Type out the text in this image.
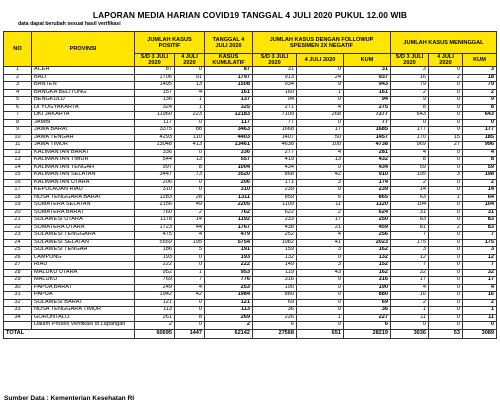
LAPORAN MEDIA HARIAN COVID19 TANGGAL 4 JULI 2020 PUKUL 12.00 WIB
data dapat berubah sesuai hasil verifikasi
NO	PROVINSI	JUMLAH KASUS POSITIF		TANGGAL 4 JULI 2020	JUMLAH KASUS DENGAN FOLLOWUP SPESIMEN 2X NEGATIF			JUMLAH KASUS MENINGGAL		
		S/D 3 JULI 2020	4 JULI 2020	KASUS KUMULATIF	S/D 3 JULI 2020	4 JULI 2020	KUM	S/D 3 JULI 2020	4 JULI 2020	KUM
1	ACEH	87	0	87	31	0	31	3	0	3
2	BALI	1706	91	1797	913	24	937	16	2	18
3	BANTEN	1495	13	1508	934	9	943	79	0	79
4	BANGKA BELITUNG	157	4	161	160	1	161	2	0	2
5	BENGKULU	136	1	137	94	0	94	9	0	9
6	DI YOGYAKARTA	324	1	325	271	4	275	8	0	8
7	DKI JAKARTA	11960	223	12183	7109	268	7377	643	0	643
8	JAMBI	117	0	117	77	0	77	0	0	0
9	JAWA BARAT	3375	88	3463	1668	17	1685	177	0	177
10	JAWA TENGAH	4293	110	4403	1407	50	1457	170	15	185
11	JAWA TIMUR	13048	413	13461	4638	100	4738	969	27	996
12	KALIMANTAN BARAT	336	0	336	277	4	281	4	0	4
13	KALIMANTAN TIMUR	544	13	557	419	13	432	8	0	8
14	KALIMANTAN TENGAH	997	8	1004	434	0	434	59	0	59
15	KALIMANTAN SELATAN	3447	73	3520	868	42	910	195	3	198
16	KALIMANTAN UTARA	206	0	206	171	3	174	2	0	2
17	KEPULAUAN RIAU	310	0	310	239	0	239	14	0	14
18	NUSA TENGGARA BARAT	1283	28	1311	859	6	865	63	1	64
19	SUMATERA SELATAN	2156	49	2205	1109	11	1120	104	0	104
20	SUMATERA BARAT	760	2	762	622	2	624	31	0	31
21	SULAWESI UTARA	1178	14	1192	233	17	250	83	0	83
22	SUMATERA UTARA	1723	44	1767	438	21	459	81	2	83
23	SULAWESI TENGGARA	475	4	479	252	4	256	7	0	7
24	SULAWESI SELATAN	5559	195	5754	1982	41	2023	175	0	175
25	SULAWESI TENGAH	186	5	191	159	3	162	3	0	3
26	LAMPUNG	193	0	193	132	0	132	12	0	12
27	RIAU	222	0	222	149	3	152	7	0	7
28	MALUKU UTARA	952	1	953	119	43	162	32	0	32
29	MALUKU	769	7	776	316	0	316	17	0	17
30	PAPUA BARAT	249	4	253	190	0	190	4	0	4
31	PAPUA	1942	42	1984	880	0	880	16	0	16
32	SULAWESI BARAT	121	0	121	69	0	69	2	0	2
33	NUSA TENGGARA TIMUR	113	0	113	36	0	36	1	0	1
34	GORONTALO	261	8	269	226	1	227	11	0	11
	Dalam Proses Verifikasi di Lapangan	2	0	2	6	0	6	0	0	0
TOTAL		60695	1447	62142	27568	651	28219	3036	53	3089
Sumber Data : Kementerian Kesehatan RI
